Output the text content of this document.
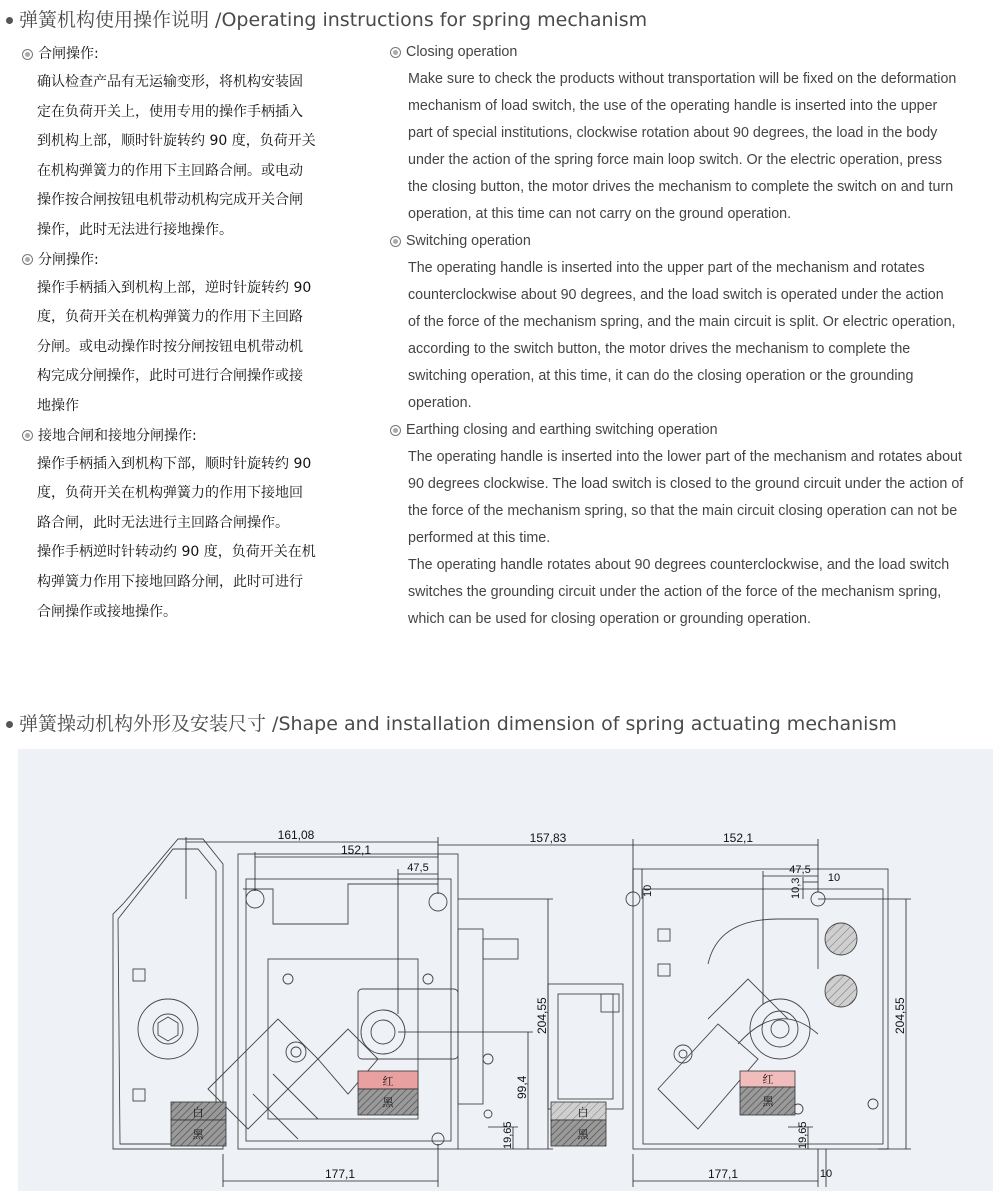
弹簧机构使用操作说明 /Operating instructions for spring mechanism
合闸操作:

确认检查产品有无运输变形，将机构安装固

定在负荷开关上，使用专用的操作手柄插入

到机构上部，顺时针旋转约 90 度，负荷开关

在机构弹簧力的作用下主回路合闸。或电动

操作按合闸按钮电机带动机构完成开关合闸

操作，此时无法进行接地操作。

分闸操作:

操作手柄插入到机构上部，逆时针旋转约 90

度，负荷开关在机构弹簧力的作用下主回路

分闸。或电动操作时按分闸按钮电机带动机

构完成分闸操作，此时可进行合闸操作或接

地操作

接地合闸和接地分闸操作:

操作手柄插入到机构下部，顺时针旋转约 90

度，负荷开关在机构弹簧力的作用下接地回

路合闸，此时无法进行主回路合闸操作。

操作手柄逆时针转动约 90 度，负荷开关在机

构弹簧力作用下接地回路分闸，此时可进行

合闸操作或接地操作。

Closing operation

Make sure to check the products without transportation will be fixed on the deformation

mechanism of load switch, the use of the operating handle is inserted into the upper

part of special institutions, clockwise rotation about 90 degrees, the load in the body

under the action of the spring force main loop switch. Or the electric operation, press

the closing button, the motor drives the mechanism to complete the switch on and turn

operation, at this time can not carry on the ground operation.

Switching operation

The operating handle is inserted into the upper part of the mechanism and rotates

counterclockwise about 90 degrees, and the load switch is operated under the action

of the force of the mechanism spring, and the main circuit is split. Or electric operation,

according to the switch button, the motor drives the mechanism to complete the

switching operation, at this time, it can do the closing operation or the grounding

operation.

Earthing closing and earthing switching operation

The operating handle is inserted into the lower part of the mechanism and rotates about

90 degrees clockwise. The load switch is closed to the ground circuit under the action of

the force of the mechanism spring, so that the main circuit closing operation can not be

performed at this time.

The operating handle rotates about 90 degrees counterclockwise, and the load switch

switches the grounding circuit under the action of the force of the mechanism spring,

which can be used for closing operation or grounding operation.

弹簧操动机构外形及安装尺寸 /Shape and installation dimension of spring actuating mechanism
白
黑
红
黑
白
黑
红
黑
161,08
152,1
47,5
157,83	152,1
47,5
10
10	10,3
204,55
99,4
19,65
204,55
19,65
177,1	177,1	10
